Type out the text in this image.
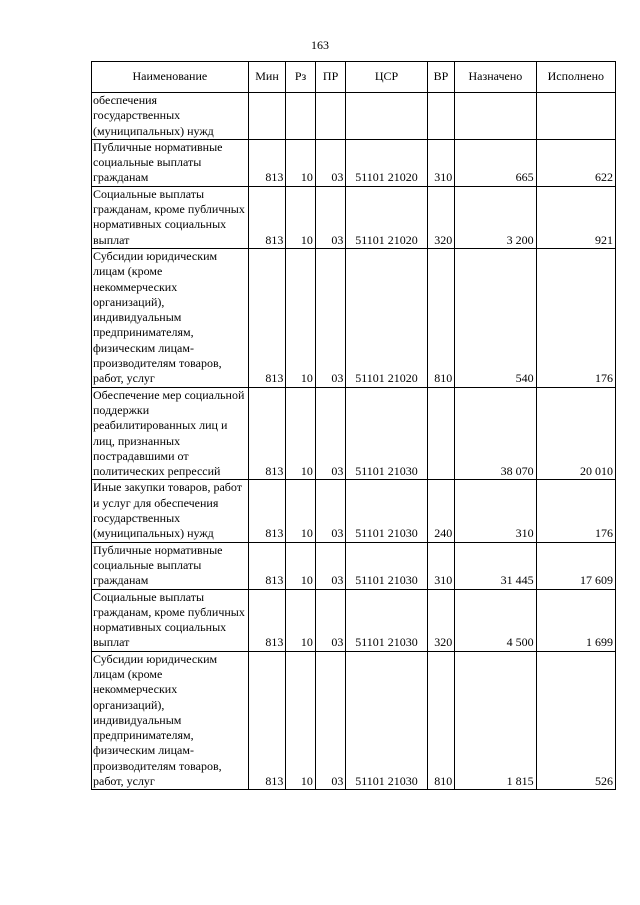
163
Наименование	Мин	Рз	ПР	ЦСР	ВР	Назначено	Исполнено
обеспечения государственных (муниципальных) нужд							
Публичные нормативные социальные выплаты гражданам	813	10	03	51101 21020	310	665	622
Социальные выплаты гражданам, кроме публичных нормативных социальных выплат	813	10	03	51101 21020	320	3 200	921
Субсидии юридическим лицам (кроме некоммерческих организаций), индивидуальным предпринимателям, физическим лицам-производителям товаров, работ, услуг	813	10	03	51101 21020	810	540	176
Обеспечение мер социальной поддержки реабилитированных лиц и лиц, признанных пострадавшими от политических репрессий	813	10	03	51101 21030		38 070	20 010
Иные закупки товаров, работ и услуг для обеспечения государственных (муниципальных) нужд	813	10	03	51101 21030	240	310	176
Публичные нормативные социальные выплаты гражданам	813	10	03	51101 21030	310	31 445	17 609
Социальные выплаты гражданам, кроме публичных нормативных социальных выплат	813	10	03	51101 21030	320	4 500	1 699
Субсидии юридическим лицам (кроме некоммерческих организаций), индивидуальным предпринимателям, физическим лицам-производителям товаров, работ, услуг	813	10	03	51101 21030	810	1 815	526
